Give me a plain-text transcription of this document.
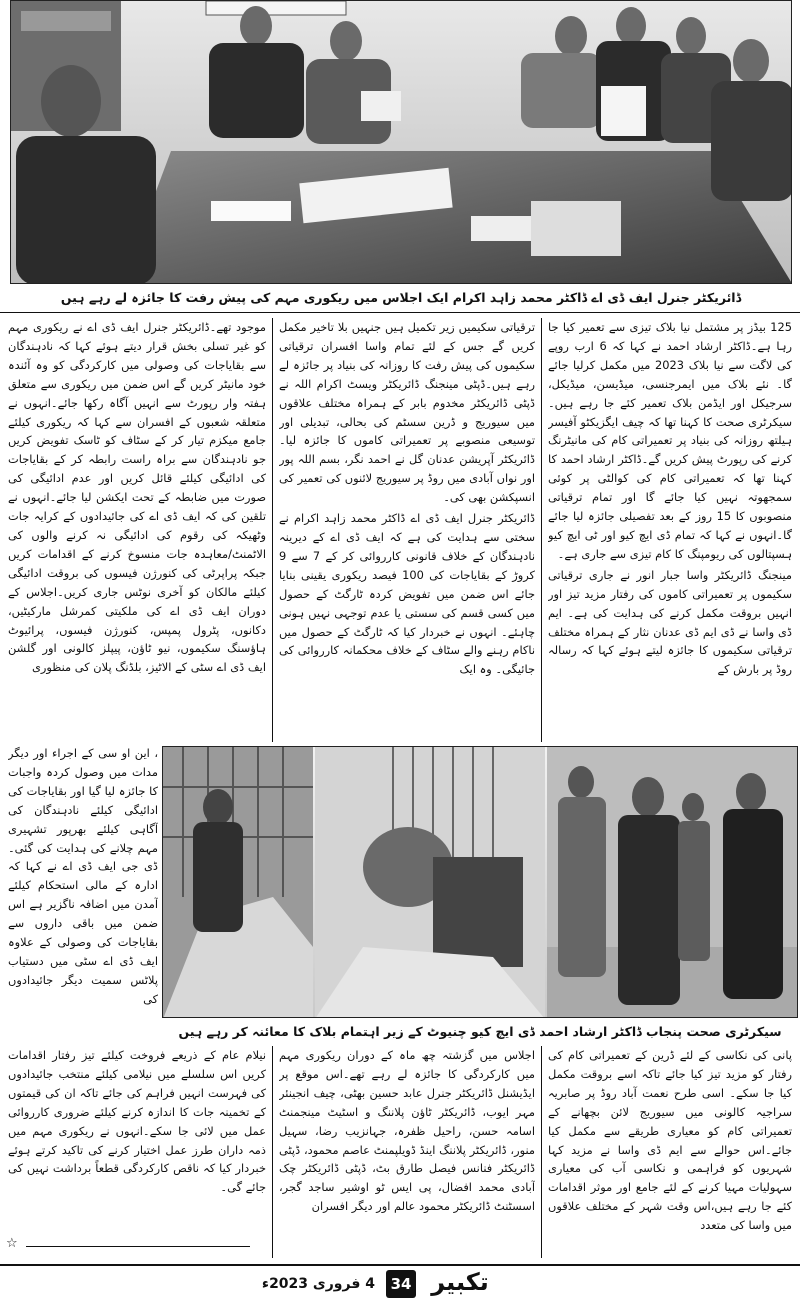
ڈائریکٹر جنرل ایف ڈی اے ڈاکٹر محمد زاہد اکرام ایک اجلاس میں ریکوری مہم کی پیش رفت کا جائزہ لے رہے ہیں

125 بیڈز پر مشتمل نیا بلاک تیزی سے تعمیر کیا جا رہا ہے۔ڈاکٹر ارشاد احمد نے کہا کہ 6 ارب روپے کی لاگت سے نیا بلاک 2023 میں مکمل کرلیا جائے گا۔ نئے بلاک میں ایمرجنسی، میڈیسن، میڈیکل، سرجیکل اور ایڈمن بلاک تعمیر کئے جا رہے ہیں۔سیکرٹری صحت کا کہنا تھا کہ چیف ایگزیکٹو آفیسر ہیلتھ روزانہ کی بنیاد پر تعمیراتی کام کی مانیٹرنگ کرنے کی رپورٹ پیش کریں گے۔ڈاکٹر ارشاد احمد کا کہنا تھا کہ تعمیراتی کام کی کوالٹی پر کوئی سمجھوتہ نہیں کیا جائے گا اور تمام ترقیاتی منصوبوں کا 15 روز کے بعد تفصیلی جائزہ لیا جائے گا۔انہوں نے کہا کہ تمام ڈی ایچ کیو اور ٹی ایچ کیو ہسپتالوں کی ریومپنگ کا کام تیزی سے جاری ہے۔

مینجنگ ڈائریکٹر واسا جبار انور نے جاری ترقیاتی سکیموں پر تعمیراتی کاموں کی رفتار مزید تیز اور انہیں بروقت مکمل کرنے کی ہدایت کی ہے۔ ایم ڈی واسا نے ڈی ایم ڈی عدنان نثار کے ہمراہ مختلف ترقیاتی سکیموں کا جائزہ لیتے ہوئے کہا کہ رسالہ روڈ پر بارش کے

ترقیاتی سکیمیں زیر تکمیل ہیں جنہیں بلا تاخیر مکمل کریں گے جس کے لئے تمام واسا افسران ترقیاتی سکیموں کی پیش رفت کا روزانہ کی بنیاد پر جائزہ لے رہے ہیں۔ڈپٹی مینجنگ ڈائریکٹر ویسٹ اکرام اللہ نے ڈپٹی ڈائریکٹر مخدوم بابر کے ہمراہ مختلف علاقوں میں سیوریج و ڈرین سسٹم کی بحالی، تبدیلی اور توسیعی منصوبے پر تعمیراتی کاموں کا جائزہ لیا۔ڈائریکٹر آپریشن عدنان گل نے احمد نگر، بسم اللہ پور اور نواں آبادی میں روڈ پر سیوریج لائنوں کی تعمیر کی انسپکشن بھی کی۔

ڈائریکٹر جنرل ایف ڈی اے ڈاکٹر محمد زاہد اکرام نے سختی سے ہدایت کی ہے کہ ایف ڈی اے کے دیرینہ نادہندگان کے خلاف قانونی کارروائی کر کے 7 سے 9 کروڑ کے بقایاجات کی 100 فیصد ریکوری یقینی بنایا جائے اس ضمن میں تفویض کردہ ٹارگٹ کے حصول میں کسی قسم کی سستی یا عدم توجہی نہیں ہونی چاہئے۔ انہوں نے خبردار کیا کہ ٹارگٹ کے حصول میں ناکام رہنے والے سٹاف کے خلاف محکمانہ کارروائی کی جائیگی۔ وہ ایک

موجود تھے۔ڈائریکٹر جنرل ایف ڈی اے نے ریکوری مہم کو غیر تسلی بخش قرار دیتے ہوئے کہا کہ نادہندگان سے بقایاجات کی وصولی میں کارکردگی کو وہ آئندہ خود مانیٹر کریں گے اس ضمن میں ریکوری سے متعلق ہفتہ وار رپورٹ سے انہیں آگاہ رکھا جائے۔انہوں نے متعلقہ شعبوں کے افسران سے کہا کہ ریکوری کیلئے جامع میکزم تیار کر کے سٹاف کو ٹاسک تفویض کریں جو نادہندگان سے براہ راست رابطہ کر کے بقایاجات کی ادائیگی کیلئے قائل کریں اور عدم ادائیگی کی صورت میں ضابطہ کے تحت ایکشن لیا جائے۔انہوں نے تلقین کی کہ ایف ڈی اے کی جائیدادوں کے کرایہ جات وٹھیکہ کی رقوم کی ادائیگی نہ کرنے والوں کی الاٹمنٹ/معاہدہ جات منسوخ کرنے کے اقدامات کریں جبکہ پراپرٹی کی کنورژن فیسوں کی بروقت ادائیگی کیلئے مالکان کو آخری نوٹس جاری کریں۔اجلاس کے دوران ایف ڈی اے کی ملکیتی کمرشل مارکیٹیں، دکانوں، پٹرول پمپس، کنورژن فیسوں، پرائیوٹ ہاؤسنگ سکیموں، نیو ٹاؤن، پیپلز کالونی اور گلشن ایف ڈی اے سٹی کے الاٹیز، بلڈنگ پلان کی منظوری

، این او سی کے اجراء اور دیگر مدات میں وصول کردہ واجبات کا جائزہ لیا گیا اور بقایاجات کی ادائیگی کیلئے نادہندگان کی آگاہی کیلئے بھرپور تشہیری مہم چلانے کی ہدایت کی گئی۔ ڈی جی ایف ڈی اے نے کہا کہ ادارہ کے مالی استحکام کیلئے آمدن میں اضافہ ناگزیر ہے اس ضمن میں باقی داروں سے بقایاجات کی وصولی کے علاوہ ایف ڈی اے سٹی میں دستیاب پلاٹس سمیت دیگر جائیدادوں کی

سیکرٹری صحت پنجاب ڈاکٹر ارشاد احمد ڈی ایچ کیو چنیوٹ کے زیر اہتمام بلاک کا معائنہ کر رہے ہیں

پانی کی نکاسی کے لئے ڈرین کے تعمیراتی کام کی رفتار کو مزید تیز کیا جائے تاکہ اسے بروقت مکمل کیا جا سکے۔ اسی طرح نعمت آباد روڈ پر صابریہ سراجیہ کالونی میں سیوریج لائن بچھانے کے تعمیراتی کام کو معیاری طریقے سے مکمل کیا جائے۔اس حوالے سے ایم ڈی واسا نے مزید کہا شہریوں کو فراہمی و نکاسی آب کی معیاری سہولیات مہیا کرنے کے لئے جامع اور موثر اقدامات کئے جا رہے ہیں،اس وقت شہر کے مختلف علاقوں میں واسا کی متعدد

اجلاس میں گزشتہ چھ ماہ کے دوران ریکوری مہم میں کارکردگی کا جائزہ لے رہے تھے۔اس موقع پر ایڈیشنل ڈائریکٹر جنرل عابد حسین بھٹی، چیف انجینئر مہر ایوب، ڈائریکٹر ٹاؤن پلاننگ و اسٹیٹ مینجمنٹ اسامہ حسن، راحیل ظفرہ، جہانزیب رضا، سہیل منور، ڈائریکٹر پلاننگ اینڈ ڈویلپمنٹ عاصم محمود، ڈپٹی ڈائریکٹر فنانس فیصل طارق بٹ، ڈپٹی ڈائریکٹر چک آبادی محمد افضال، پی ایس ٹو اوشیر ساجد گجر، اسسٹنٹ ڈائریکٹر محمود عالم اور دیگر افسران

نیلام عام کے ذریعے فروخت کیلئے تیز رفتار اقدامات کریں اس سلسلے میں نیلامی کیلئے منتخب جائیدادوں کی فہرست انہیں فراہم کی جائے تاکہ ان کی قیمتوں کے تخمینہ جات کا اندازہ کرنے کیلئے ضروری کارروائی عمل میں لائی جا سکے۔انہوں نے ریکوری مہم میں ذمہ داران طرز عمل اختیار کرنے کی تاکید کرتے ہوئے خبردار کیا کہ ناقص کارکردگی قطعاً برداشت نہیں کی جائے گی۔

☆
4 فروری 2023ء	34 تکبیر
